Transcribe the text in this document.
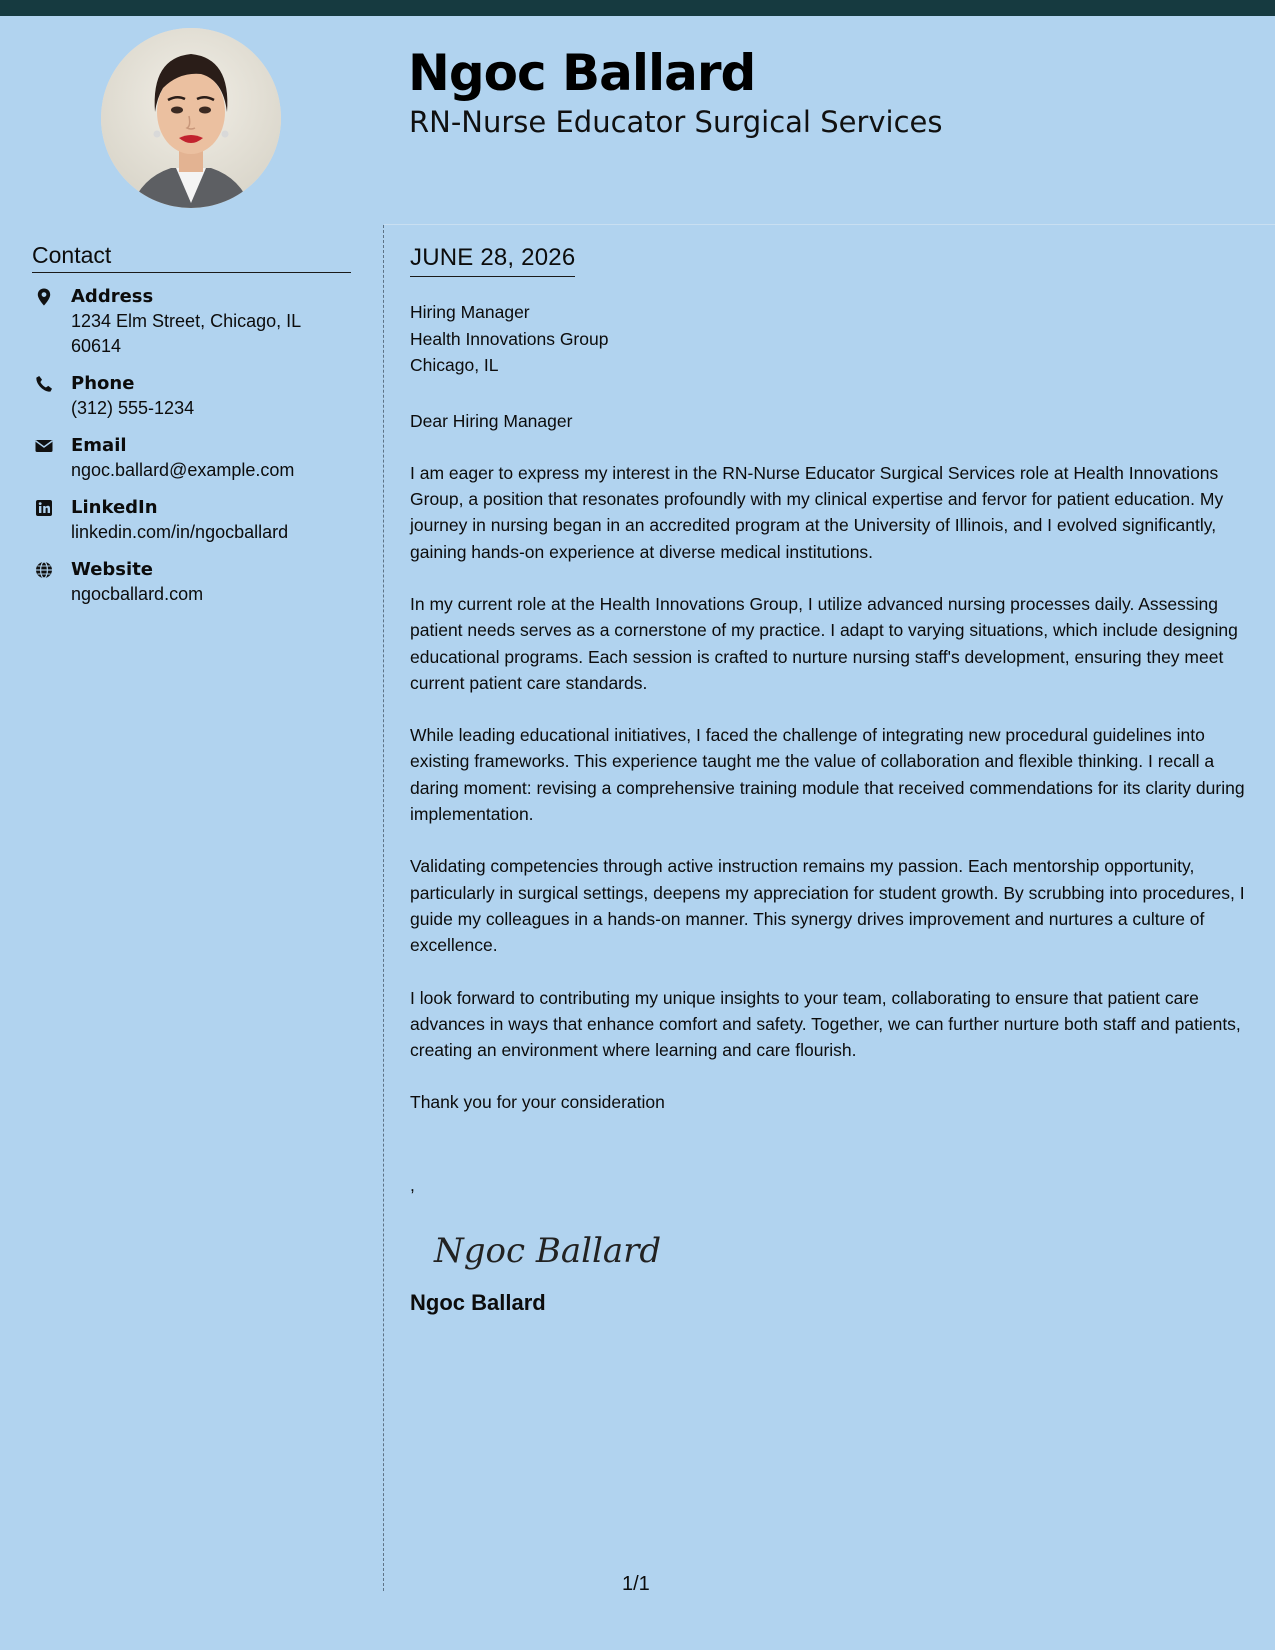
Ngoc Ballard
RN-Nurse Educator Surgical Services
Contact
Address
1234 Elm Street, Chicago, IL 60614
Phone
(312) 555-1234
Email
ngoc.ballard@example.com
LinkedIn
linkedin.com/in/ngocballard
Website
ngocballard.com
JUNE 28, 2026
Hiring Manager
Health Innovations Group
Chicago, IL
Dear Hiring Manager
I am eager to express my interest in the RN-Nurse Educator Surgical Services role at Health Innovations Group, a position that resonates profoundly with my clinical expertise and fervor for patient education. My journey in nursing began in an accredited program at the University of Illinois, and I evolved significantly, gaining hands-on experience at diverse medical institutions.
In my current role at the Health Innovations Group, I utilize advanced nursing processes daily. Assessing patient needs serves as a cornerstone of my practice. I adapt to varying situations, which include designing educational programs. Each session is crafted to nurture nursing staff's development, ensuring they meet current patient care standards.
While leading educational initiatives, I faced the challenge of integrating new procedural guidelines into existing frameworks. This experience taught me the value of collaboration and flexible thinking. I recall a daring moment: revising a comprehensive training module that received commendations for its clarity during implementation.
Validating competencies through active instruction remains my passion. Each mentorship opportunity, particularly in surgical settings, deepens my appreciation for student growth. By scrubbing into procedures, I guide my colleagues in a hands-on manner. This synergy drives improvement and nurtures a culture of excellence.
I look forward to contributing my unique insights to your team, collaborating to ensure that patient care advances in ways that enhance comfort and safety. Together, we can further nurture both staff and patients, creating an environment where learning and care flourish.
Thank you for your consideration
,
Ngoc Ballard
Ngoc Ballard
1/1
